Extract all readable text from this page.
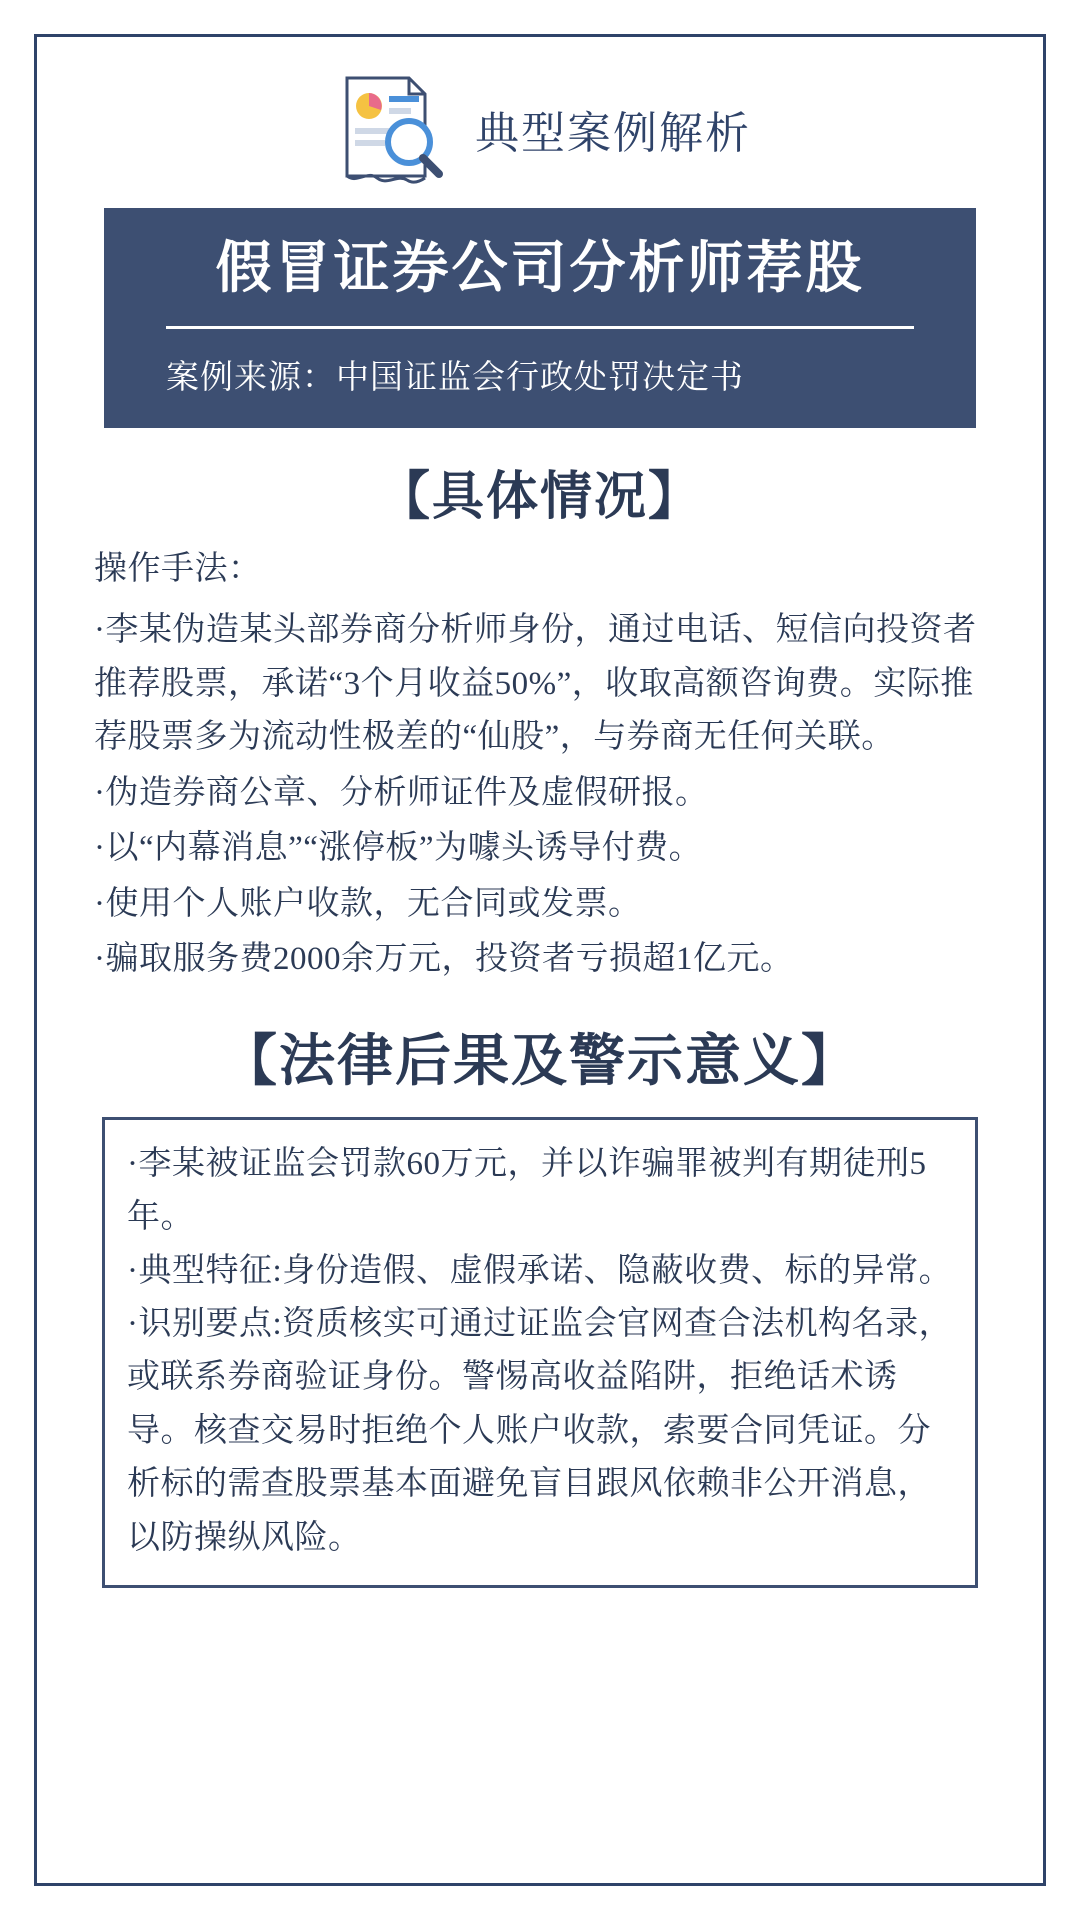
典型案例解析
假冒证券公司分析师荐股
案例来源：中国证监会行政处罚决定书
【具体情况】
操作手法：
·李某伪造某头部券商分析师身份，通过电话、短信向投资者推荐股票，承诺“3个月收益50%”，收取高额咨询费。实际推荐股票多为流动性极差的“仙股”，与券商无任何关联。
·伪造券商公章、分析师证件及虚假研报。
·以“内幕消息”“涨停板”为噱头诱导付费。
·使用个人账户收款，无合同或发票。
·骗取服务费2000余万元，投资者亏损超1亿元。
【法律后果及警示意义】
·李某被证监会罚款60万元，并以诈骗罪被判有期徒刑5年。
·典型特征:身份造假、虚假承诺、隐蔽收费、标的异常。
·识别要点:资质核实可通过证监会官网查合法机构名录，或联系券商验证身份。警惕高收益陷阱，拒绝话术诱导。核查交易时拒绝个人账户收款，索要合同凭证。分析标的需查股票基本面避免盲目跟风依赖非公开消息，以防操纵风险。
